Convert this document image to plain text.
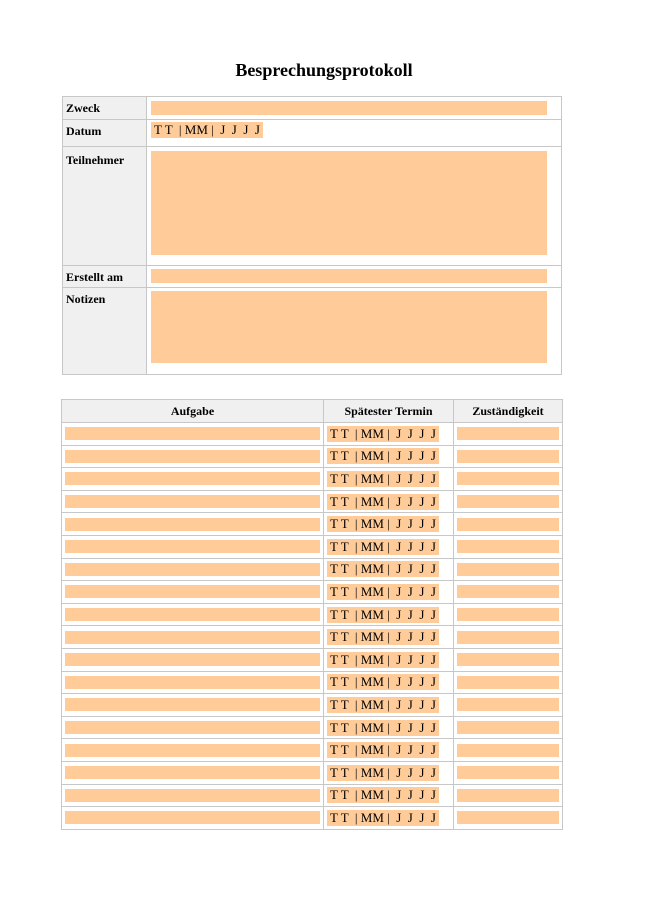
Besprechungsprotokoll
Zweck	

Datum	T T  | MM |  J  J  J  J
Teilnehmer	

Erstellt am	

Notizen	
Aufgabe	Spätester Termin	Zuständigkeit

	T T  | MM |  J  J  J  J	

	T T  | MM |  J  J  J  J	

	T T  | MM |  J  J  J  J	

	T T  | MM |  J  J  J  J	

	T T  | MM |  J  J  J  J	

	T T  | MM |  J  J  J  J	

	T T  | MM |  J  J  J  J	

	T T  | MM |  J  J  J  J	

	T T  | MM |  J  J  J  J	

	T T  | MM |  J  J  J  J	

	T T  | MM |  J  J  J  J	

	T T  | MM |  J  J  J  J	

	T T  | MM |  J  J  J  J	

	T T  | MM |  J  J  J  J	

	T T  | MM |  J  J  J  J	

	T T  | MM |  J  J  J  J	

	T T  | MM |  J  J  J  J	

	T T  | MM |  J  J  J  J	
